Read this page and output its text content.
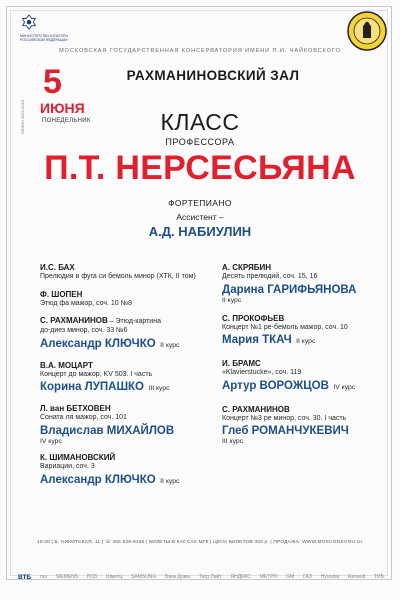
МИНИСТЕРСТВО КУЛЬТУРЫ РОССИЙСКОЙ ФЕДЕРАЦИИ
МОСКОВСКАЯ ГОСУДАРСТВЕННАЯ КОНСЕРВАТОРИЯ ИМЕНИ П.И. ЧАЙКОВСКОГО
5
ИЮНЯ
ПОНЕДЕЛЬНИК
СЕЗОН 2022-2023
РАХМАНИНОВСКИЙ ЗАЛ
КЛАСС
ПРОФЕССОРА
П.Т. НЕРСЕСЬЯНА
ФОРТЕПИАНО
Ассистент –
А.Д. НАБИУЛИН
И.С. БАХ
Прелюдия и фуга си бемоль минор (ХТК, II том)
Ф. ШОПЕН
Этюд фа мажор, соч. 10 №8
С. РАХМАНИНОВ – Этюд-картина
до-диез минор, соч. 33 №6
Александр КЛЮЧКО II курс
В.А. МОЦАРТ
Концерт до мажор, KV 503. I часть
Корина ЛУПАШКО III курс
Л. ван БЕТХОВЕН
Соната ля мажор, соч. 101
Владислав МИХАЙЛОВ
IV курс
К. ШИМАНОВСКИЙ
Вариации, соч. 3
Александр КЛЮЧКО II курс
А. СКРЯБИН
Десять прелюдий, соч. 15, 16
Дарина ГАРИФЬЯНОВА
II курс
С. ПРОКОФЬЕВ
Концерт №1 ре-бемоль мажор, соч. 10
Мария ТКАЧ II курс
И. БРАМС
«Klavierstucke», соч. 119
Артур ВОРОЖЦОВ IV курс
С. РАХМАНИНОВ
Концерт №3 ре минор, соч. 30. I часть
Глеб РОМАНЧУКЕВИЧ
III курс
19:00 | Б. НИКИТСКАЯ, 11 | ☏ 495 629-9160 | БИЛЕТЫ В КАССАХ МГК | ЦЕНА БИЛЕТОВ 300 р. | ПРОДАЖА: WWW.MOSCONSV.RU 6+
ВТБ газ SIEMENS ПСБ Шмитц SAMSUNG Банк Дома Тигр Лайт ЯНДЕКС МЕТРО GM ГАЗ Hyundai Renault ТИБ
